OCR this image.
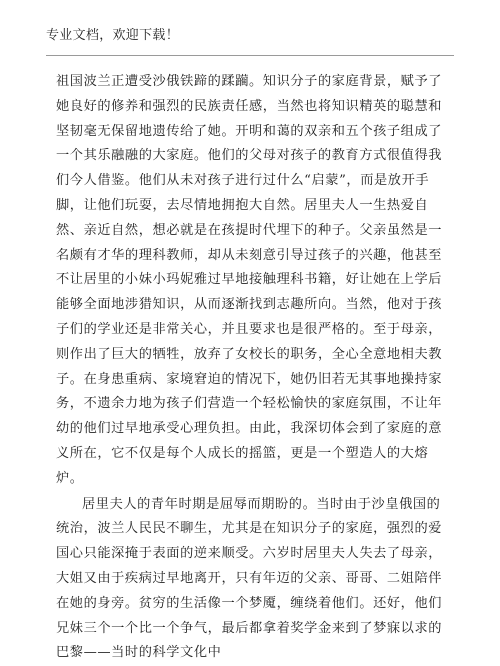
专业文档，欢迎下载！

祖国波兰正遭受沙俄铁蹄的蹂躏。知识分子的家庭背景，赋予了她良好的修养和强烈的民族责任感，当然也将知识精英的聪慧和坚韧毫无保留地遗传给了她。开明和蔼的双亲和五个孩子组成了一个其乐融融的大家庭。他们的父母对孩子的教育方式很值得我们今人借鉴。他们从未对孩子进行过什么“启蒙”，而是放开手脚，让他们玩耍，去尽情地拥抱大自然。居里夫人一生热爱自然、亲近自然，想必就是在孩提时代埋下的种子。父亲虽然是一名颇有才华的理科教师，却从未刻意引导过孩子的兴趣，他甚至不让居里的小妹小玛妮雅过早地接触理科书籍，好让她在上学后能够全面地涉猎知识，从而逐渐找到志趣所向。当然，他对于孩子们的学业还是非常关心，并且要求也是很严格的。至于母亲，则作出了巨大的牺牲，放弃了女校长的职务，全心全意地相夫教子。在身患重病、家境窘迫的情况下，她仍旧若无其事地操持家务，不遗余力地为孩子们营造一个轻松愉快的家庭氛围，不让年幼的他们过早地承受心理负担。由此，我深切体会到了家庭的意义所在，它不仅是每个人成长的摇篮，更是一个塑造人的大熔炉。

居里夫人的青年时期是屈辱而期盼的。当时由于沙皇俄国的统治，波兰人民民不聊生，尤其是在知识分子的家庭，强烈的爱国心只能深掩于表面的逆来顺受。六岁时居里夫人失去了母亲，大姐又由于疾病过早地离开，只有年迈的父亲、哥哥、二姐陪伴在她的身旁。贫穷的生活像一个梦魇，缠绕着他们。还好，他们兄妹三个一个比一个争气，最后都拿着奖学金来到了梦寐以求的巴黎——当时的科学文化中
